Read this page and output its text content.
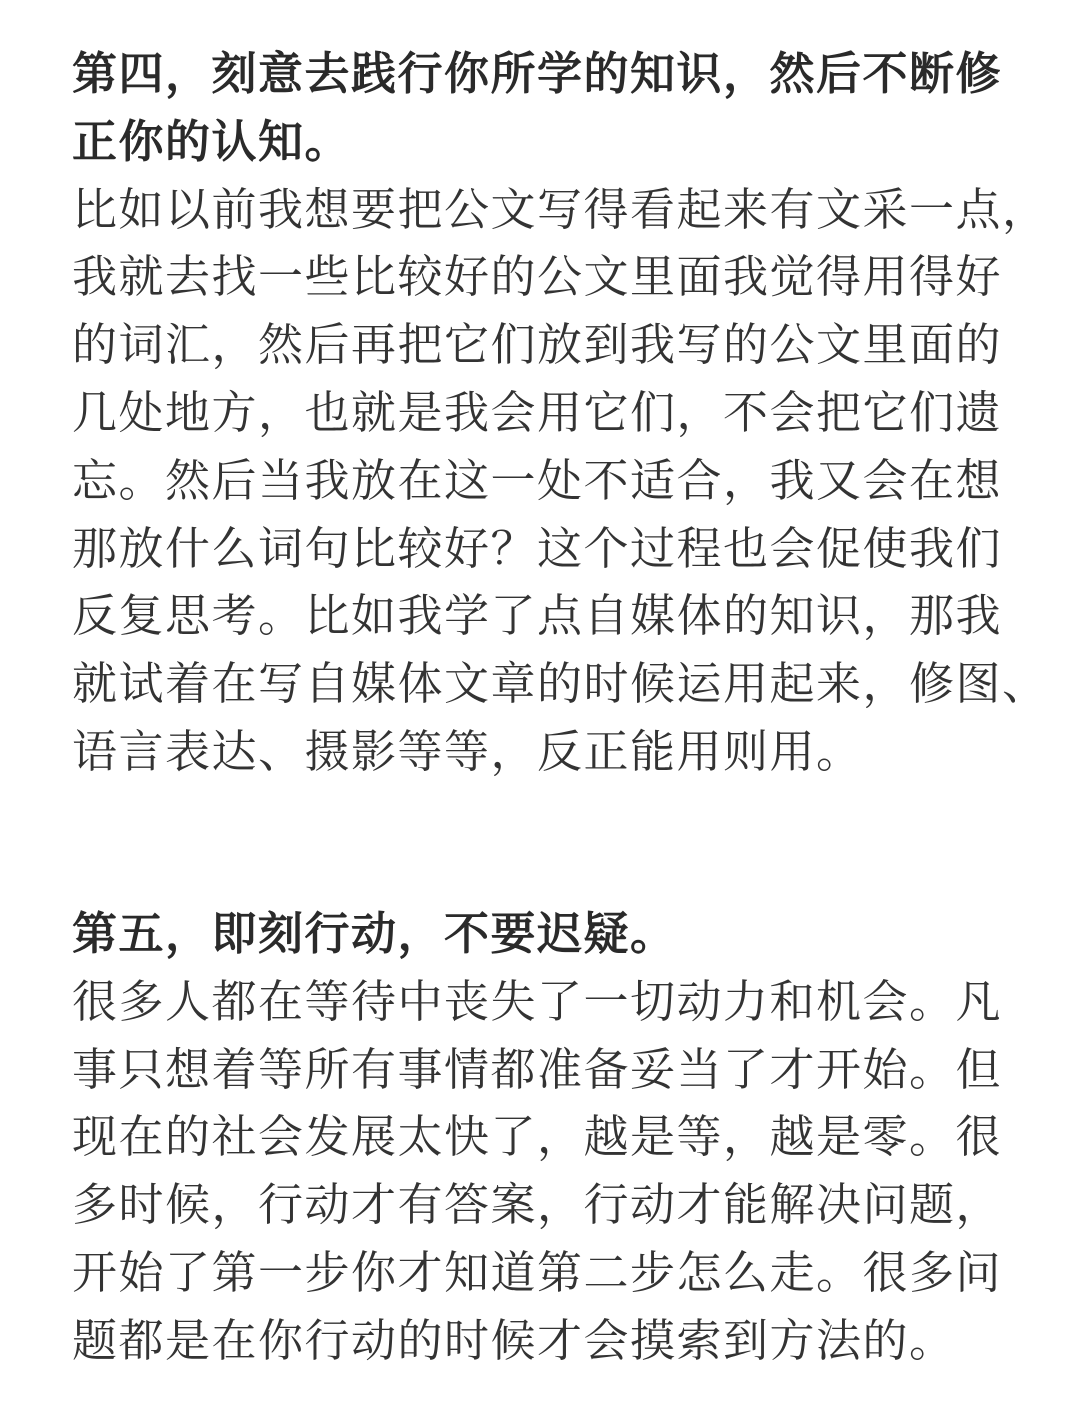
第四，刻意去践行你所学的知识，然后不断修
正你的认知。
比如以前我想要把公文写得看起来有文采一点，
我就去找一些比较好的公文里面我觉得用得好
的词汇，然后再把它们放到我写的公文里面的
几处地方，也就是我会用它们，不会把它们遗
忘。然后当我放在这一处不适合，我又会在想
那放什么词句比较好？这个过程也会促使我们
反复思考。比如我学了点自媒体的知识，那我
就试着在写自媒体文章的时候运用起来，修图、
语言表达、摄影等等，反正能用则用。
第五，即刻行动，不要迟疑。
很多人都在等待中丧失了一切动力和机会。凡
事只想着等所有事情都准备妥当了才开始。但
现在的社会发展太快了，越是等，越是零。很
多时候，行动才有答案，行动才能解决问题，
开始了第一步你才知道第二步怎么走。很多问
题都是在你行动的时候才会摸索到方法的。
